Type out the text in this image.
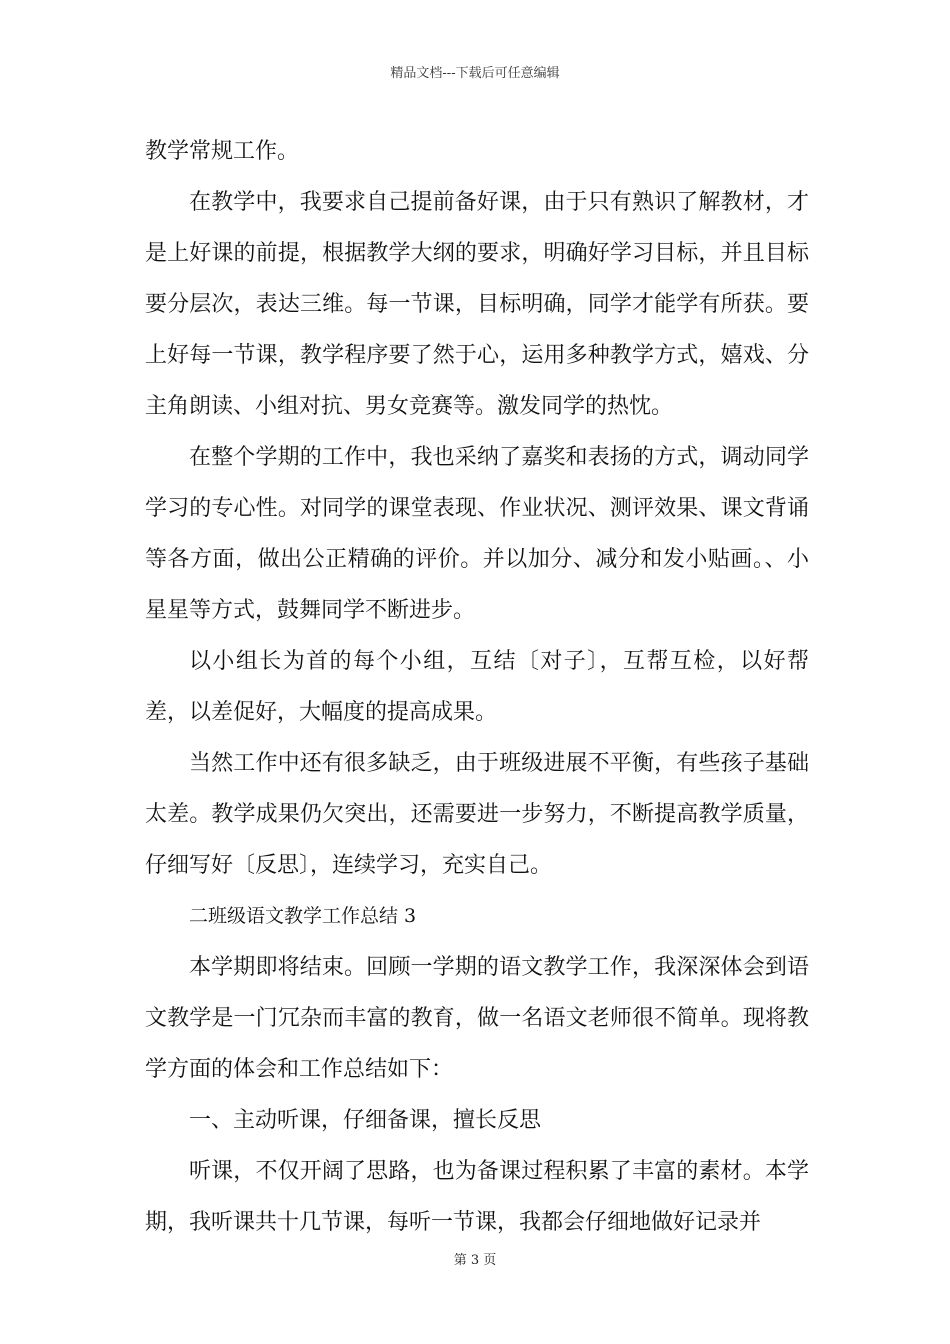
精品文档---下载后可任意编辑

教学常规工作。

在教学中，我要求自己提前备好课，由于只有熟识了解教材，才是上好课的前提，根据教学大纲的要求，明确好学习目标，并且目标要分层次，表达三维。每一节课，目标明确，同学才能学有所获。要上好每一节课，教学程序要了然于心，运用多种教学方式，嬉戏、分主角朗读、小组对抗、男女竞赛等。激发同学的热忱。

在整个学期的工作中，我也采纳了嘉奖和表扬的方式，调动同学学习的专心性。对同学的课堂表现、作业状况、测评效果、课文背诵等各方面，做出公正精确的评价。并以加分、减分和发小贴画。、小星星等方式，鼓舞同学不断进步。

以小组长为首的每个小组，互结〔对子〕，互帮互检，以好帮差，以差促好，大幅度的提高成果。

当然工作中还有很多缺乏，由于班级进展不平衡，有些孩子基础太差。教学成果仍欠突出，还需要进一步努力，不断提高教学质量，仔细写好〔反思〕，连续学习，充实自己。

二班级语文教学工作总结 3

本学期即将结束。回顾一学期的语文教学工作，我深深体会到语文教学是一门冗杂而丰富的教育，做一名语文老师很不简单。现将教学方面的体会和工作总结如下：

一、主动听课，仔细备课，擅长反思

听课，不仅开阔了思路，也为备课过程积累了丰富的素材。本学期，我听课共十几节课，每听一节课，我都会仔细地做好记录并

第 3 页
